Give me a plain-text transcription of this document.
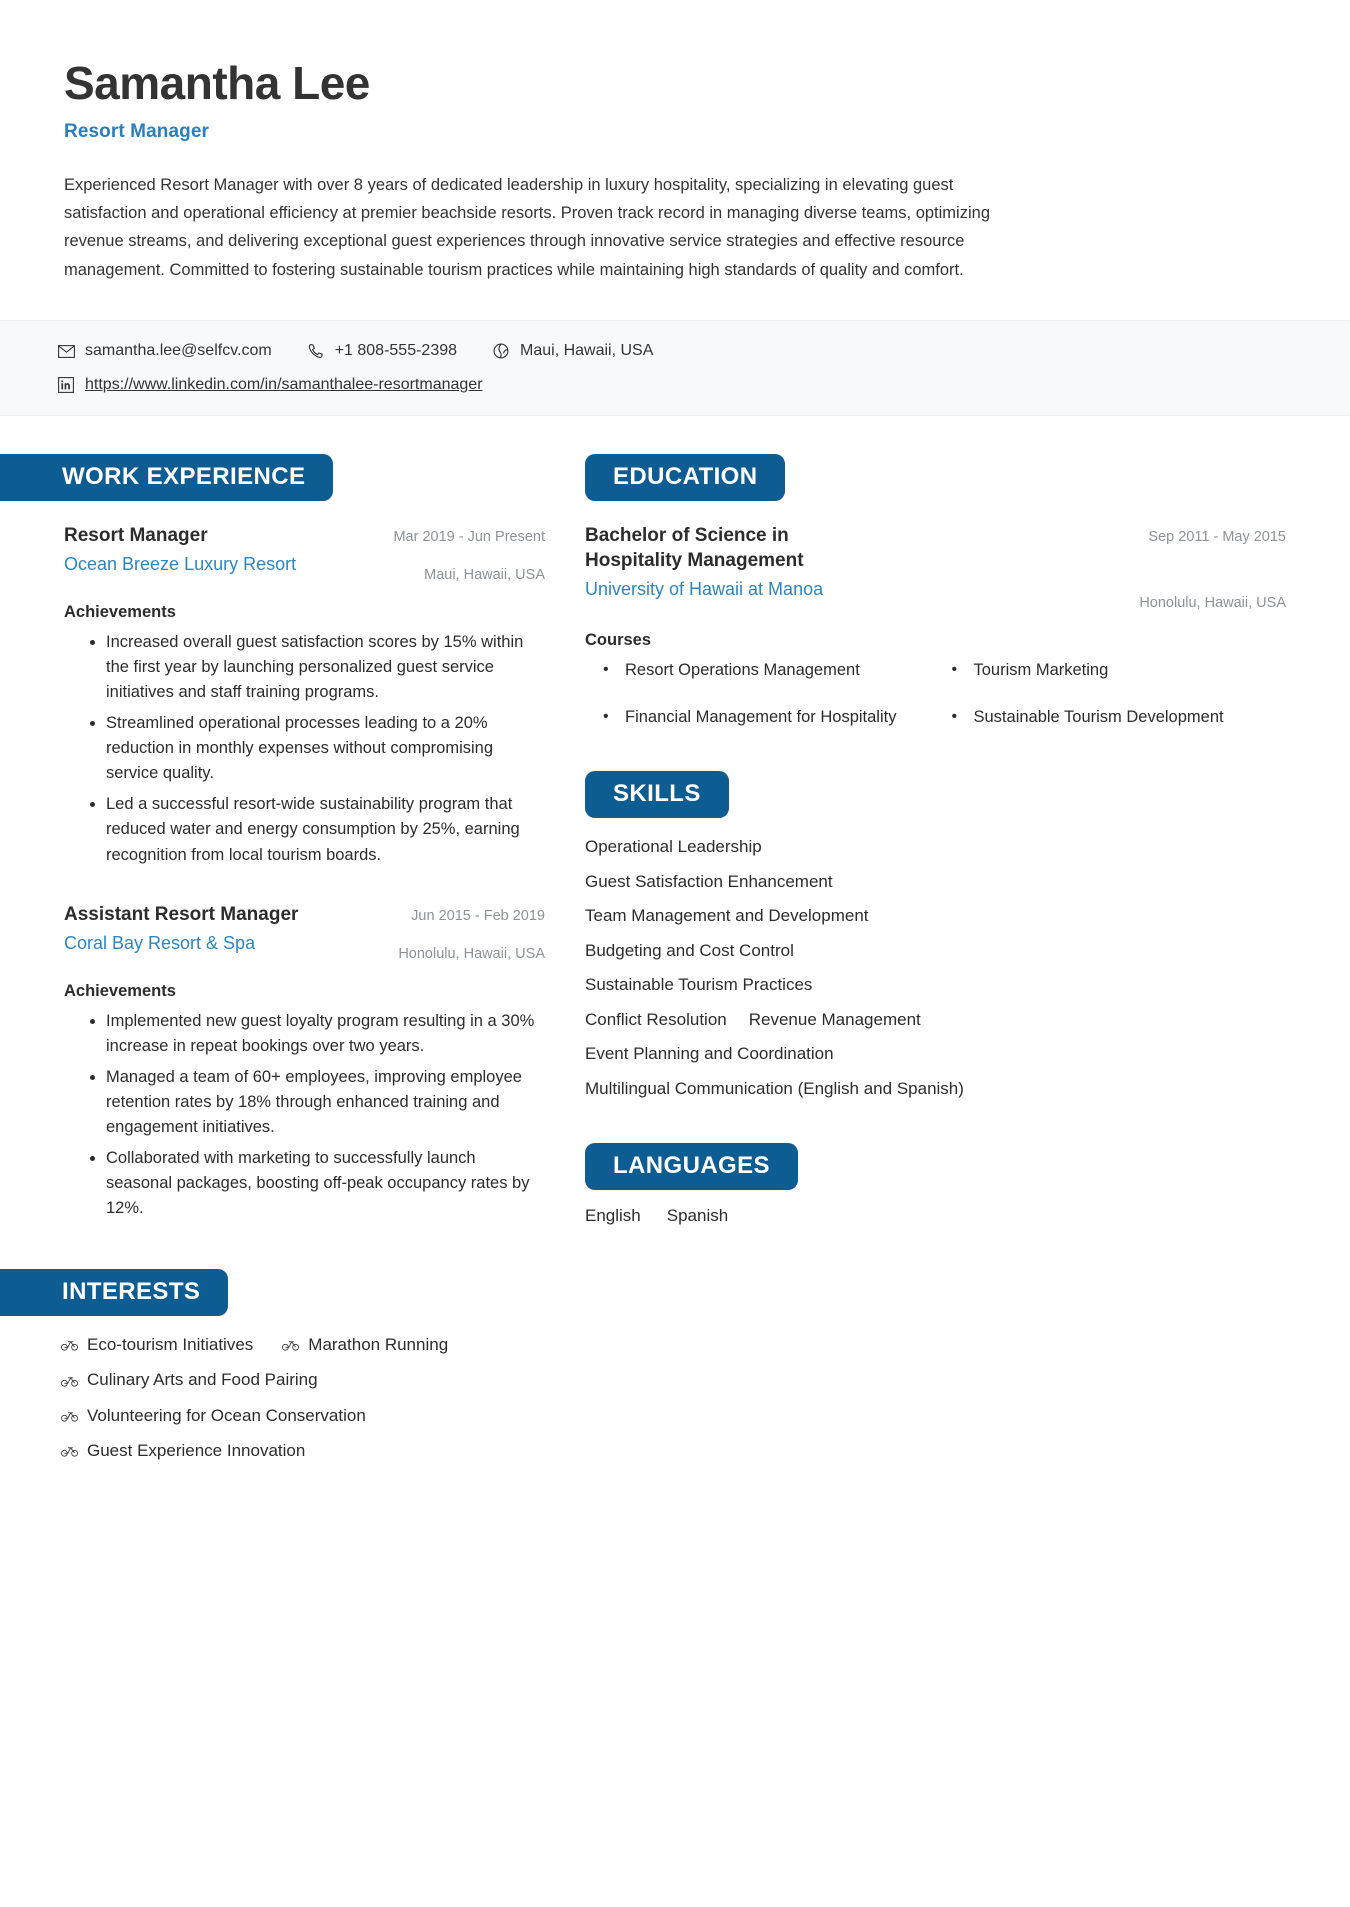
Samantha Lee
Resort Manager
Experienced Resort Manager with over 8 years of dedicated leadership in luxury hospitality, specializing in elevating guest satisfaction and operational efficiency at premier beachside resorts. Proven track record in managing diverse teams, optimizing revenue streams, and delivering exceptional guest experiences through innovative service strategies and effective resource management. Committed to fostering sustainable tourism practices while maintaining high standards of quality and comfort.
samantha.lee@selfcv.com	+1 808-555-2398	Maui, Hawaii, USA
https://www.linkedin.com/in/samanthalee-resortmanager
WORK EXPERIENCE
Resort Manager
Ocean Breeze Luxury Resort
Mar 2019 - Jun Present
Maui, Hawaii, USA
Achievements
• Increased overall guest satisfaction scores by 15% within the first year by launching personalized guest service initiatives and staff training programs.
• Streamlined operational processes leading to a 20% reduction in monthly expenses without compromising service quality.
• Led a successful resort-wide sustainability program that reduced water and energy consumption by 25%, earning recognition from local tourism boards.
Assistant Resort Manager
Coral Bay Resort & Spa
Jun 2015 - Feb 2019
Honolulu, Hawaii, USA
Achievements
• Implemented new guest loyalty program resulting in a 30% increase in repeat bookings over two years.
• Managed a team of 60+ employees, improving employee retention rates by 18% through enhanced training and engagement initiatives.
• Collaborated with marketing to successfully launch seasonal packages, boosting off-peak occupancy rates by 12%.
INTERESTS
Eco-tourism Initiatives	Marathon Running
Culinary Arts and Food Pairing
Volunteering for Ocean Conservation
Guest Experience Innovation
EDUCATION
Bachelor of Science in Hospitality Management
University of Hawaii at Manoa
Sep 2011 - May 2015
Honolulu, Hawaii, USA
Courses
• Resort Operations Management	• Tourism Marketing
• Financial Management for Hospitality	• Sustainable Tourism Development
SKILLS
Operational Leadership
Guest Satisfaction Enhancement
Team Management and Development
Budgeting and Cost Control
Sustainable Tourism Practices
Conflict Resolution Revenue Management
Event Planning and Coordination
Multilingual Communication (English and Spanish)
LANGUAGES
English Spanish
